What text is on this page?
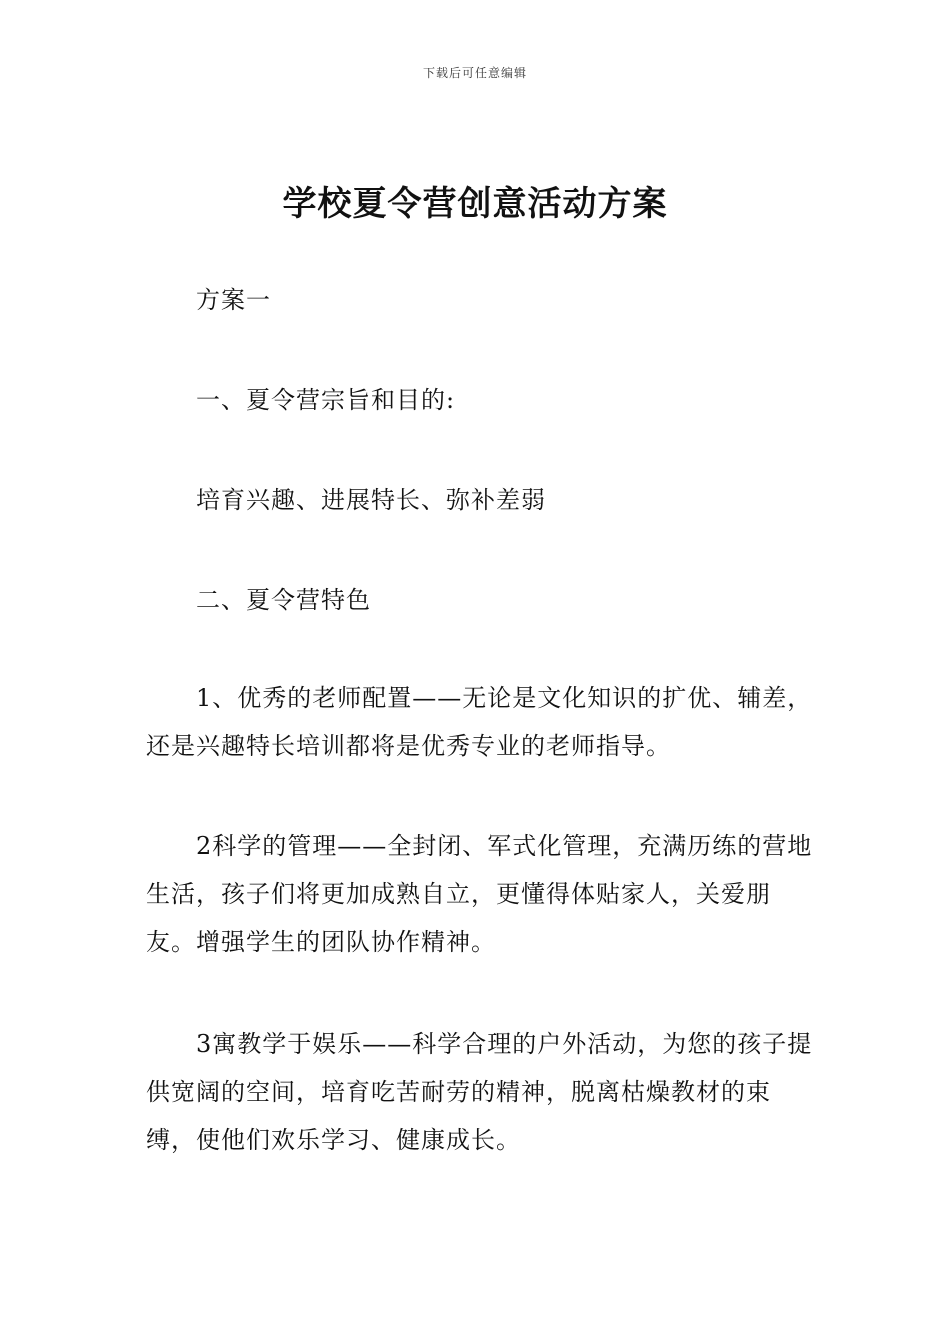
下载后可任意编辑
学校夏令营创意活动方案

方案一

一、夏令营宗旨和目的:

培育兴趣、进展特长、弥补差弱

二、夏令营特色

1、优秀的老师配置——无论是文化知识的扩优、辅差，还是兴趣特长培训都将是优秀专业的老师指导。

2科学的管理——全封闭、军式化管理，充满历练的营地生活，孩子们将更加成熟自立，更懂得体贴家人，关爱朋友。增强学生的团队协作精神。

3寓教学于娱乐——科学合理的户外活动，为您的孩子提供宽阔的空间，培育吃苦耐劳的精神，脱离枯燥教材的束缚，使他们欢乐学习、健康成长。
